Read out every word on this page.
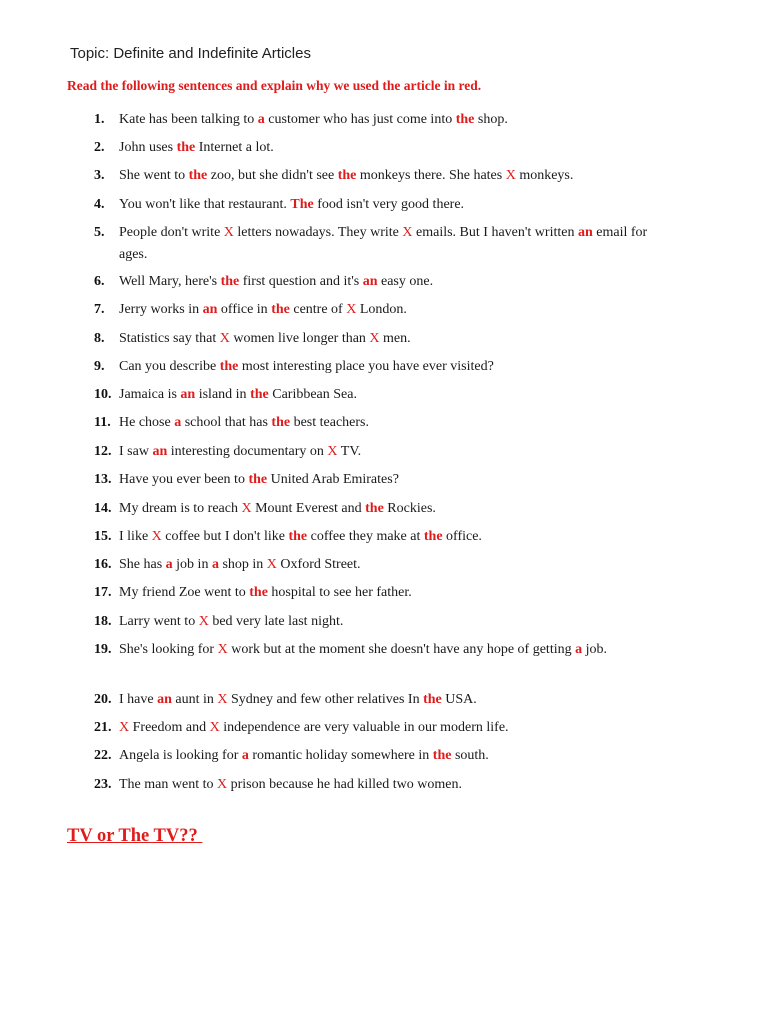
Topic: Definite and Indefinite Articles
Read the following sentences and explain why we used the article in red.
1.	Kate has been talking to a customer who has just come into the shop.
2.	John uses the Internet a lot.
3.	She went to the zoo, but she didn't see the monkeys there. She hates X monkeys.
4.	You won't like that restaurant. The food isn't very good there.
5.	People don't write X letters nowadays. They write X emails. But I haven't written an email for ages.
6.	Well Mary, here's the first question and it's an easy one.
7.	Jerry works in an office in the centre of X London.
8.	Statistics say that X women live longer than X men.
9.	Can you describe the most interesting place you have ever visited?
10. Jamaica is an island in the Caribbean Sea.
11. He chose a school that has the best teachers.
12. I saw an interesting documentary on X TV.
13. Have you ever been to the United Arab Emirates?
14. My dream is to reach X Mount Everest and the Rockies.
15. I like X coffee but I don't like the coffee they make at the office.
16. She has a job in a shop in X Oxford Street.
17. My friend Zoe went to the hospital to see her father.
18. Larry went to X bed very late last night.
19. She's looking for X work but at the moment she doesn't have any hope of getting a job.
20. I have an aunt in X Sydney and few other relatives In the USA.
21. X Freedom and X independence are very valuable in our modern life.
22. Angela is looking for a romantic holiday somewhere in the south.
23. The man went to X prison because he had killed two women.
TV or The TV??
